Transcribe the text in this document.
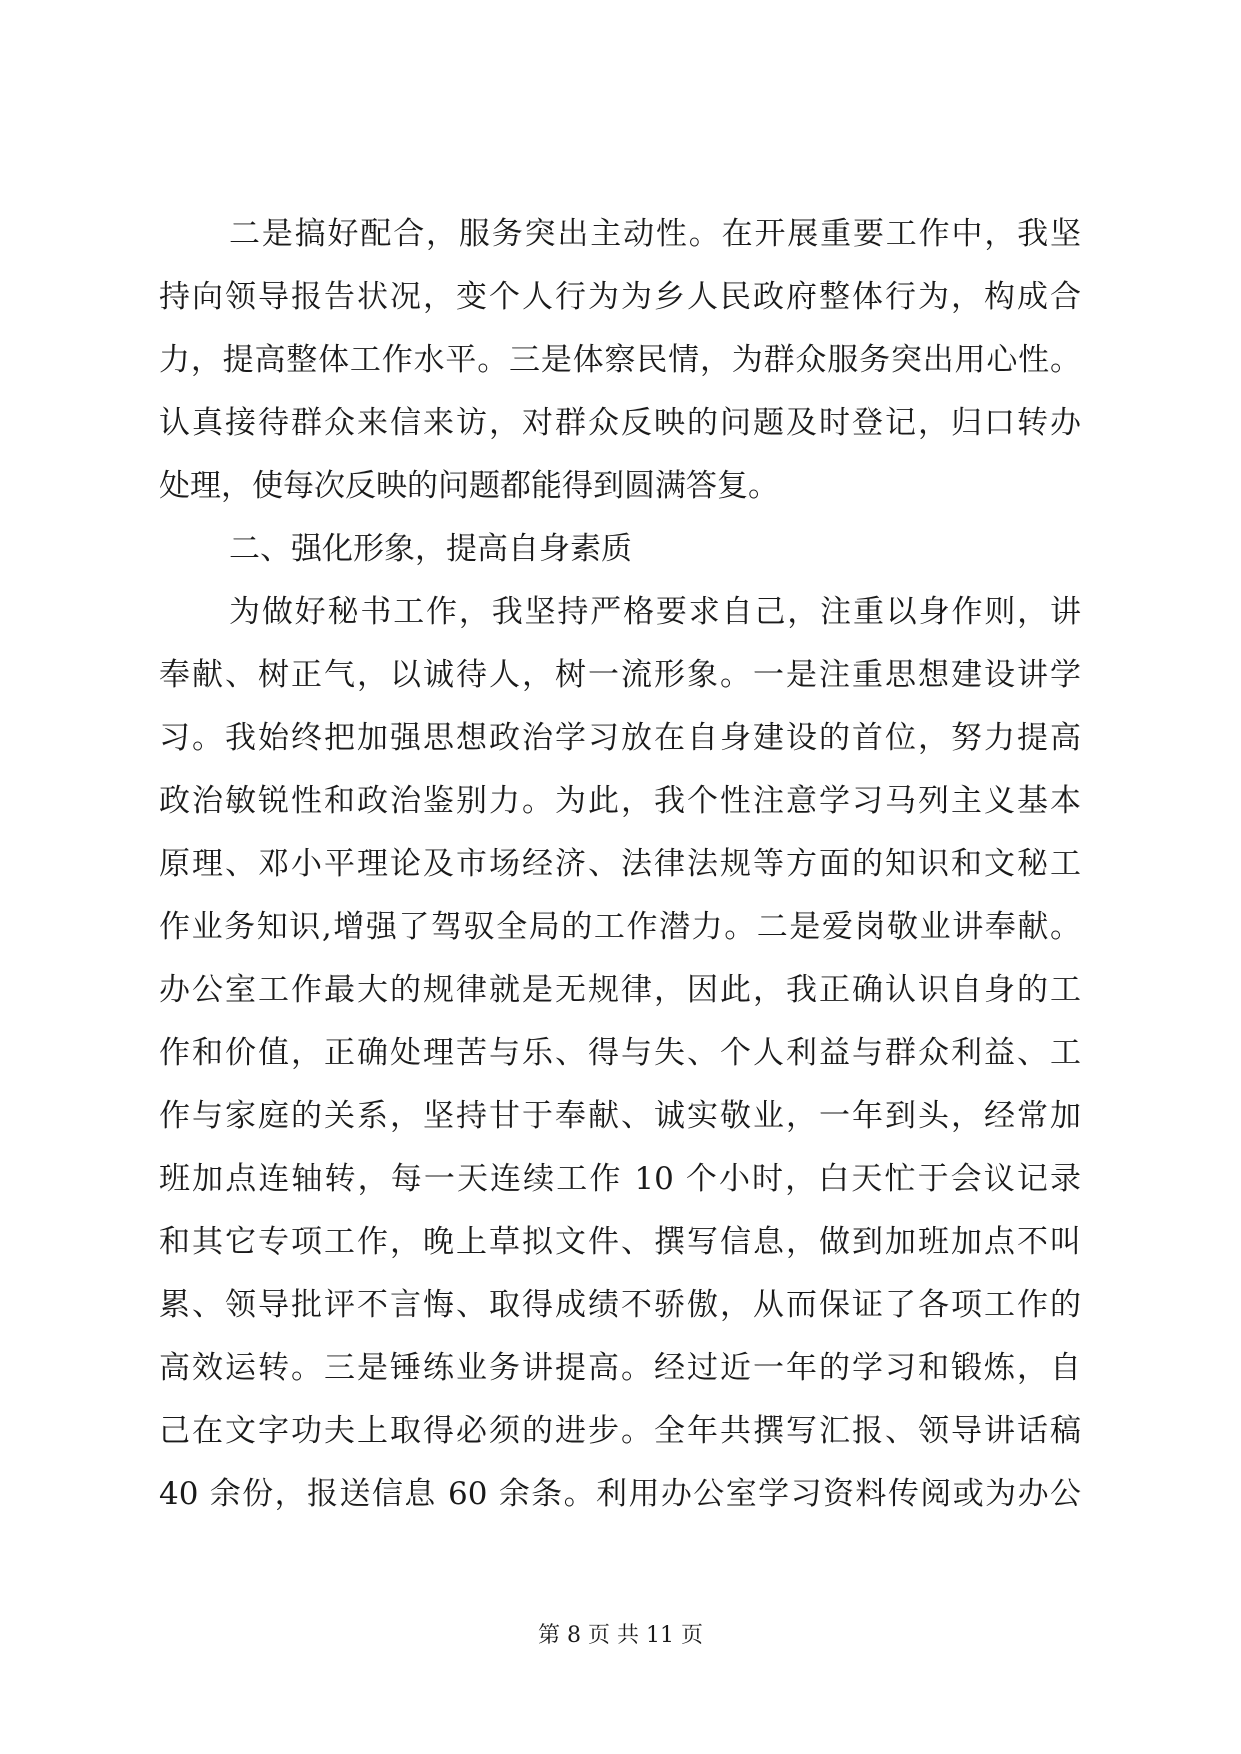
二是搞好配合，服务突出主动性。在开展重要工作中，我坚
持向领导报告状况，变个人行为为乡人民政府整体行为，构成合
力，提高整体工作水平。三是体察民情，为群众服务突出用心性。
认真接待群众来信来访，对群众反映的问题及时登记，归口转办
处理，使每次反映的问题都能得到圆满答复。
二、强化形象，提高自身素质
为做好秘书工作，我坚持严格要求自己，注重以身作则，讲
奉献、树正气，以诚待人，树一流形象。一是注重思想建设讲学
习。我始终把加强思想政治学习放在自身建设的首位，努力提高
政治敏锐性和政治鉴别力。为此，我个性注意学习马列主义基本
原理、邓小平理论及市场经济、法律法规等方面的知识和文秘工
作业务知识,增强了驾驭全局的工作潜力。二是爱岗敬业讲奉献。
办公室工作最大的规律就是无规律，因此，我正确认识自身的工
作和价值，正确处理苦与乐、得与失、个人利益与群众利益、工
作与家庭的关系，坚持甘于奉献、诚实敬业，一年到头，经常加
班加点连轴转，每一天连续工作 10 个小时，白天忙于会议记录
和其它专项工作，晚上草拟文件、撰写信息，做到加班加点不叫
累、领导批评不言悔、取得成绩不骄傲，从而保证了各项工作的
高效运转。三是锤练业务讲提高。经过近一年的学习和锻炼，自
己在文字功夫上取得必须的进步。全年共撰写汇报、领导讲话稿
40 余份，报送信息 60 余条。利用办公室学习资料传阅或为办公
第 8 页 共 11 页
